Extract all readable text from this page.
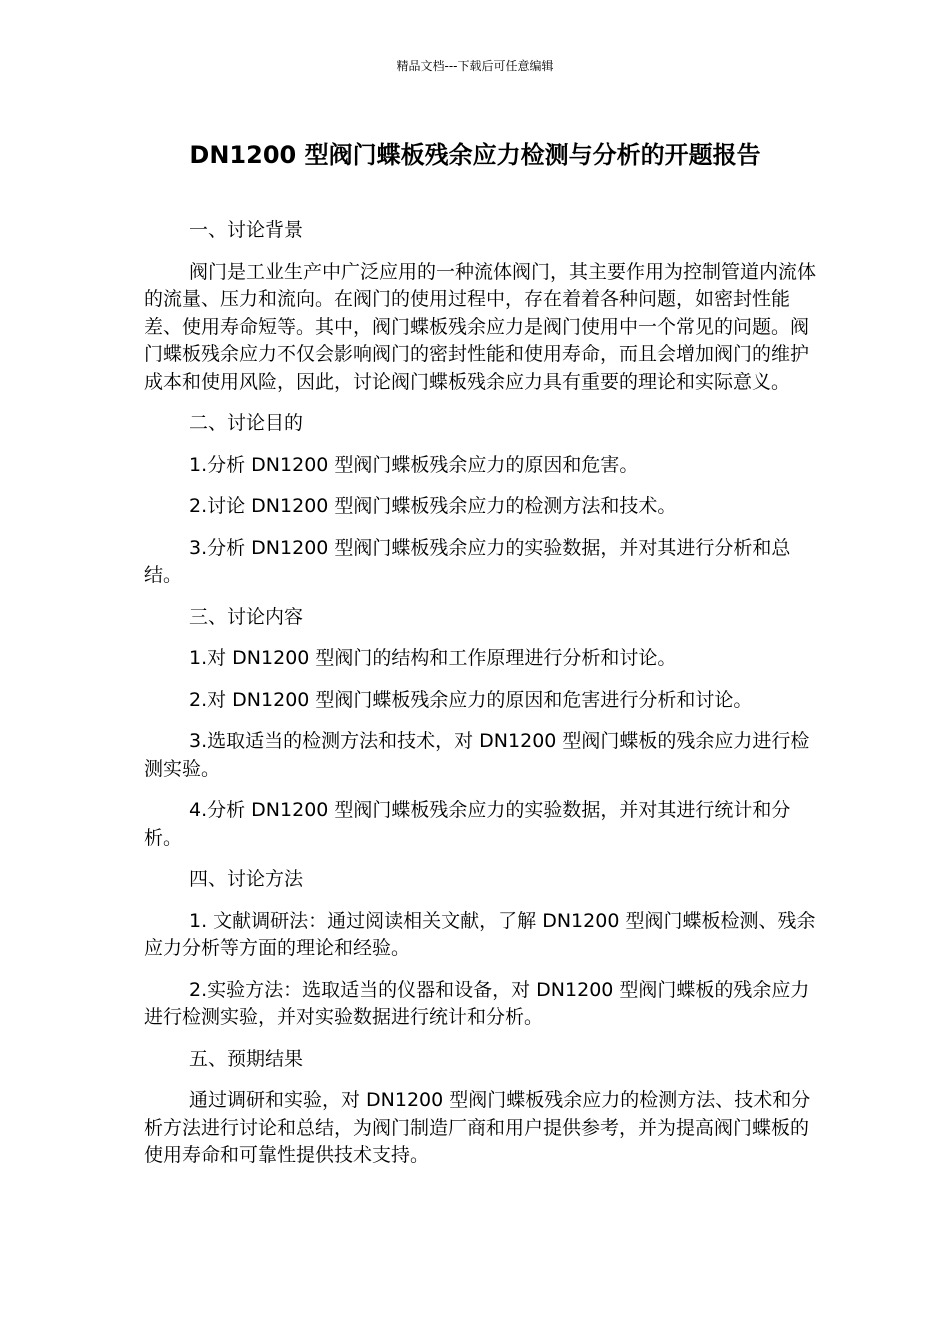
精品文档---下载后可任意编辑
DN1200 型阀门蝶板残余应力检测与分析的开题报告

一、讨论背景

阀门是工业生产中广泛应用的一种流体阀门，其主要作用为控制管道内流体的流量、压力和流向。在阀门的使用过程中，存在着着各种问题，如密封性能差、使用寿命短等。其中，阀门蝶板残余应力是阀门使用中一个常见的问题。阀门蝶板残余应力不仅会影响阀门的密封性能和使用寿命，而且会增加阀门的维护成本和使用风险，因此，讨论阀门蝶板残余应力具有重要的理论和实际意义。

二、讨论目的

1.分析 DN1200 型阀门蝶板残余应力的原因和危害。

2.讨论 DN1200 型阀门蝶板残余应力的检测方法和技术。

3.分析 DN1200 型阀门蝶板残余应力的实验数据，并对其进行分析和总结。

三、讨论内容

1.对 DN1200 型阀门的结构和工作原理进行分析和讨论。

2.对 DN1200 型阀门蝶板残余应力的原因和危害进行分析和讨论。

3.选取适当的检测方法和技术，对 DN1200 型阀门蝶板的残余应力进行检测实验。

4.分析 DN1200 型阀门蝶板残余应力的实验数据，并对其进行统计和分析。

四、讨论方法

1. 文献调研法：通过阅读相关文献，了解 DN1200 型阀门蝶板检测、残余应力分析等方面的理论和经验。

2.实验方法：选取适当的仪器和设备，对 DN1200 型阀门蝶板的残余应力进行检测实验，并对实验数据进行统计和分析。

五、预期结果

通过调研和实验，对 DN1200 型阀门蝶板残余应力的检测方法、技术和分析方法进行讨论和总结，为阀门制造厂商和用户提供参考，并为提高阀门蝶板的使用寿命和可靠性提供技术支持。
